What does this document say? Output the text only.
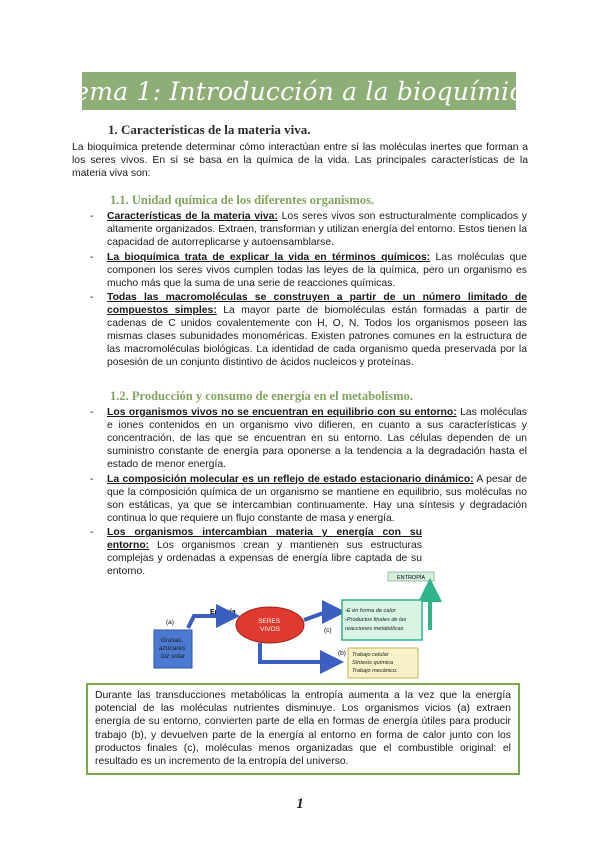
Tema 1: Introducción a la bioquímica
1. Características de la materia viva.
La bioquímica pretende determinar cómo interactúan entre sí las moléculas inertes que forman a los seres vivos. En sí se basa en la química de la vida. Las principales características de la materia viva son:
1.1. Unidad química de los diferentes organismos.
- Características de la materia viva: Los seres vivos son estructuralmente complicados y altamente organizados. Extraen, transforman y utilizan energía del entorno. Estos tienen la capacidad de autorreplicarse y autoensamblarse.
- La bioquímica trata de explicar la vida en términos químicos: Las moléculas que componen los seres vivos cumplen todas las leyes de la química, pero un organismo es mucho más que la suma de una serie de reacciones químicas.
- Todas las macromoléculas se construyen a partir de un número limitado de compuestos simples: La mayor parte de biomoléculas están formadas a partir de cadenas de C unidos covalentemente con H, O, N. Todos los organismos poseen las mismas clases subunidades monoméricas. Existen patrones comunes en la estructura de las macromoléculas biológicas. La identidad de cada organismo queda preservada por la posesión de un conjunto distintivo de ácidos nucleicos y proteínas.
1.2. Producción y consumo de energía en el metabolismo.
- Los organismos vivos no se encuentran en equilibrio con su entorno: Las moléculas e iones contenidos en un organismo vivo difieren, en cuanto a sus características y concentración, de las que se encuentran en su entorno. Las células dependen de un suministro constante de energía para oponerse a la tendencia a la degradación hasta el estado de menor energía.
- La composición molecular es un reflejo de estado estacionario dinámico: A pesar de que la composición química de un organismo se mantiene en equilibrio, sus moléculas no son estáticas, ya que se intercambian continuamente. Hay una síntesis y degradación continua lo que requiere un flujo constante de masa y energía.
- Los organismos intercambian materia y energía con su entorno: Los organismos crean y mantienen sus estructuras complejas y ordenadas a expensas de energía libre captada de su entorno.
ENTROPÍA
Grasas, azúcares luz solar
(a)
Energía
SERES VIVOS	(c)
-E en forma de calor -Productos finales de las reacciones metabólicas
(b) Trabajo celular Síntesis química Trabajo mecánico..
Durante las transducciones metabólicas la entropía aumenta a la vez que la energía potencial de las moléculas nutrientes disminuye. Los organismos vicios (a) extraen energía de su entorno, convierten parte de ella en formas de energía útiles para producir trabajo (b), y devuelven parte de la energía al entorno en forma de calor junto con los productos finales (c), moléculas menos organizadas que el combustible original: el resultado es un incremento de la entropía del universo.
1
